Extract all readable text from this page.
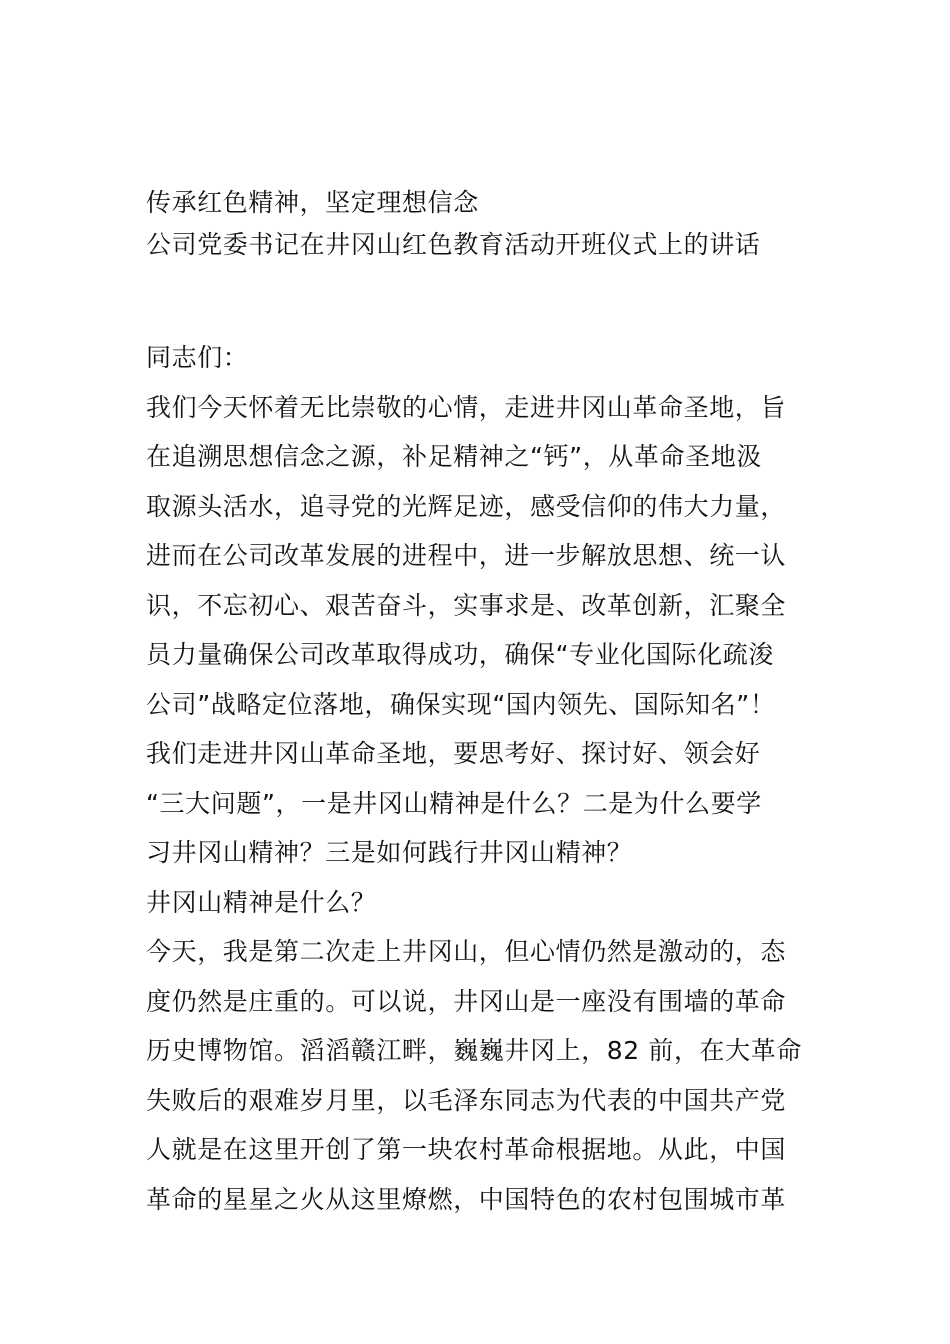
传承红色精神，坚定理想信念

公司党委书记在井冈山红色教育活动开班仪式上的讲话

同志们：

我们今天怀着无比崇敬的心情，走进井冈山革命圣地，旨

在追溯思想信念之源，补足精神之“钙”，从革命圣地汲

取源头活水，追寻党的光辉足迹，感受信仰的伟大力量，

进而在公司改革发展的进程中，进一步解放思想、统一认

识，不忘初心、艰苦奋斗，实事求是、改革创新，汇聚全

员力量确保公司改革取得成功，确保“专业化国际化疏浚

公司”战略定位落地，确保实现“国内领先、国际知名”！

我们走进井冈山革命圣地，要思考好、探讨好、领会好

“三大问题”，一是井冈山精神是什么？二是为什么要学

习井冈山精神？三是如何践行井冈山精神？

井冈山精神是什么？

今天，我是第二次走上井冈山，但心情仍然是激动的，态

度仍然是庄重的。可以说，井冈山是一座没有围墙的革命

历史博物馆。滔滔赣江畔，巍巍井冈上，82 前，在大革命

失败后的艰难岁月里，以毛泽东同志为代表的中国共产党

人就是在这里开创了第一块农村革命根据地。从此，中国

革命的星星之火从这里燎燃，中国特色的农村包围城市革
